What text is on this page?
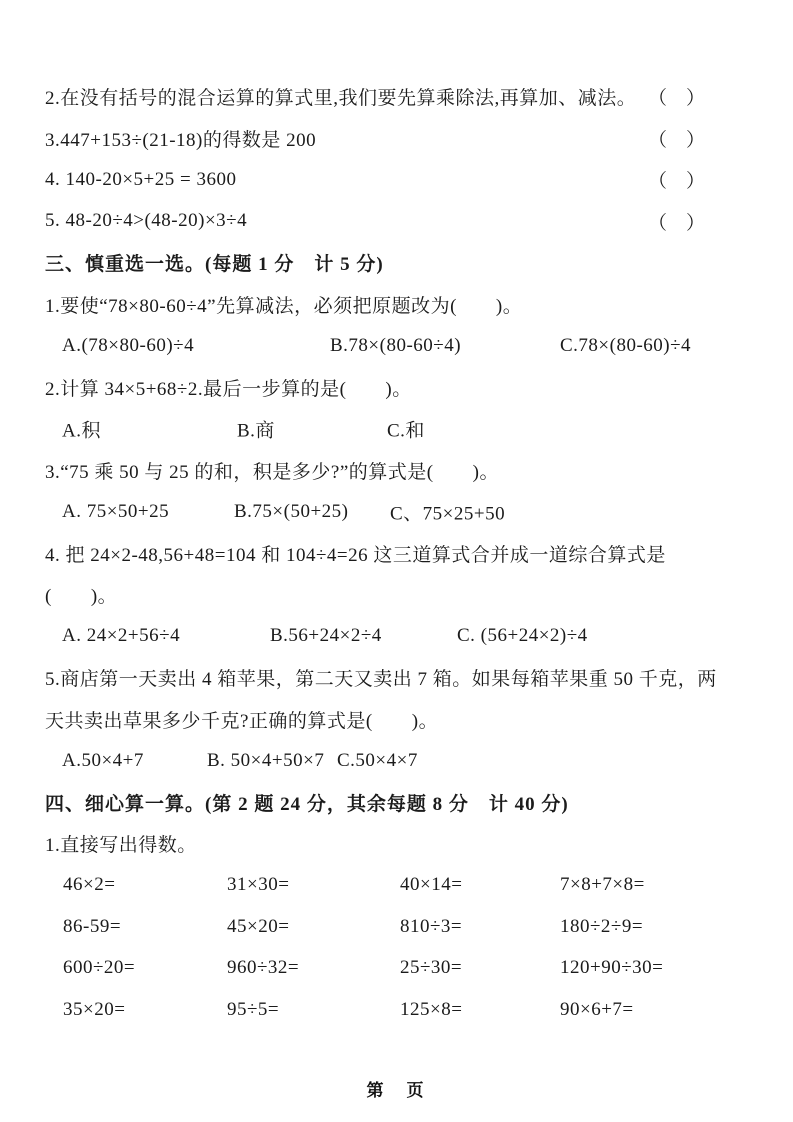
2.在没有括号的混合运算的算式里,我们要先算乘除法,再算加、减法。 （　）
3.447+153÷(21-18)的得数是 200	（　）
4. 140-20×5+25 = 3600	（　）
5. 48-20÷4>(48-20)×3÷4	（　）
三、慎重选一选。(每题 1 分　计 5 分)
1.要使“78×80-60÷4”先算减法，必须把原题改为(　　)。
A.(78×80-60)÷4	B.78×(80-60÷4)	C.78×(80-60)÷4
2.计算 34×5+68÷2.最后一步算的是(　　)。
A.积	B.商	C.和
3.“75 乘 50 与 25 的和，积是多少?”的算式是(　　)。
A. 75×50+25	B.75×(50+25) C、75×25+50
4. 把 24×2-48,56+48=104 和 104÷4=26 这三道算式合并成一道综合算式是
(　　)。
A. 24×2+56÷4	B.56+24×2÷4	C. (56+24×2)÷4
5.商店第一天卖出 4 箱苹果，第二天又卖出 7 箱。如果每箱苹果重 50 千克，两
天共卖出草果多少千克?正确的算式是(　　)。
A.50×4+7	B. 50×4+50×7 C.50×4×7
四、细心算一算。(第 2 题 24 分，其余每题 8 分　计 40 分)
1.直接写出得数。
46×2=	31×30=	40×14=	7×8+7×8=
86-59=	45×20=	810÷3=	180÷2÷9=
600÷20=	960÷32=	25÷30=	120+90÷30=
35×20=	95÷5=	125×8=	90×6+7=
第　页
